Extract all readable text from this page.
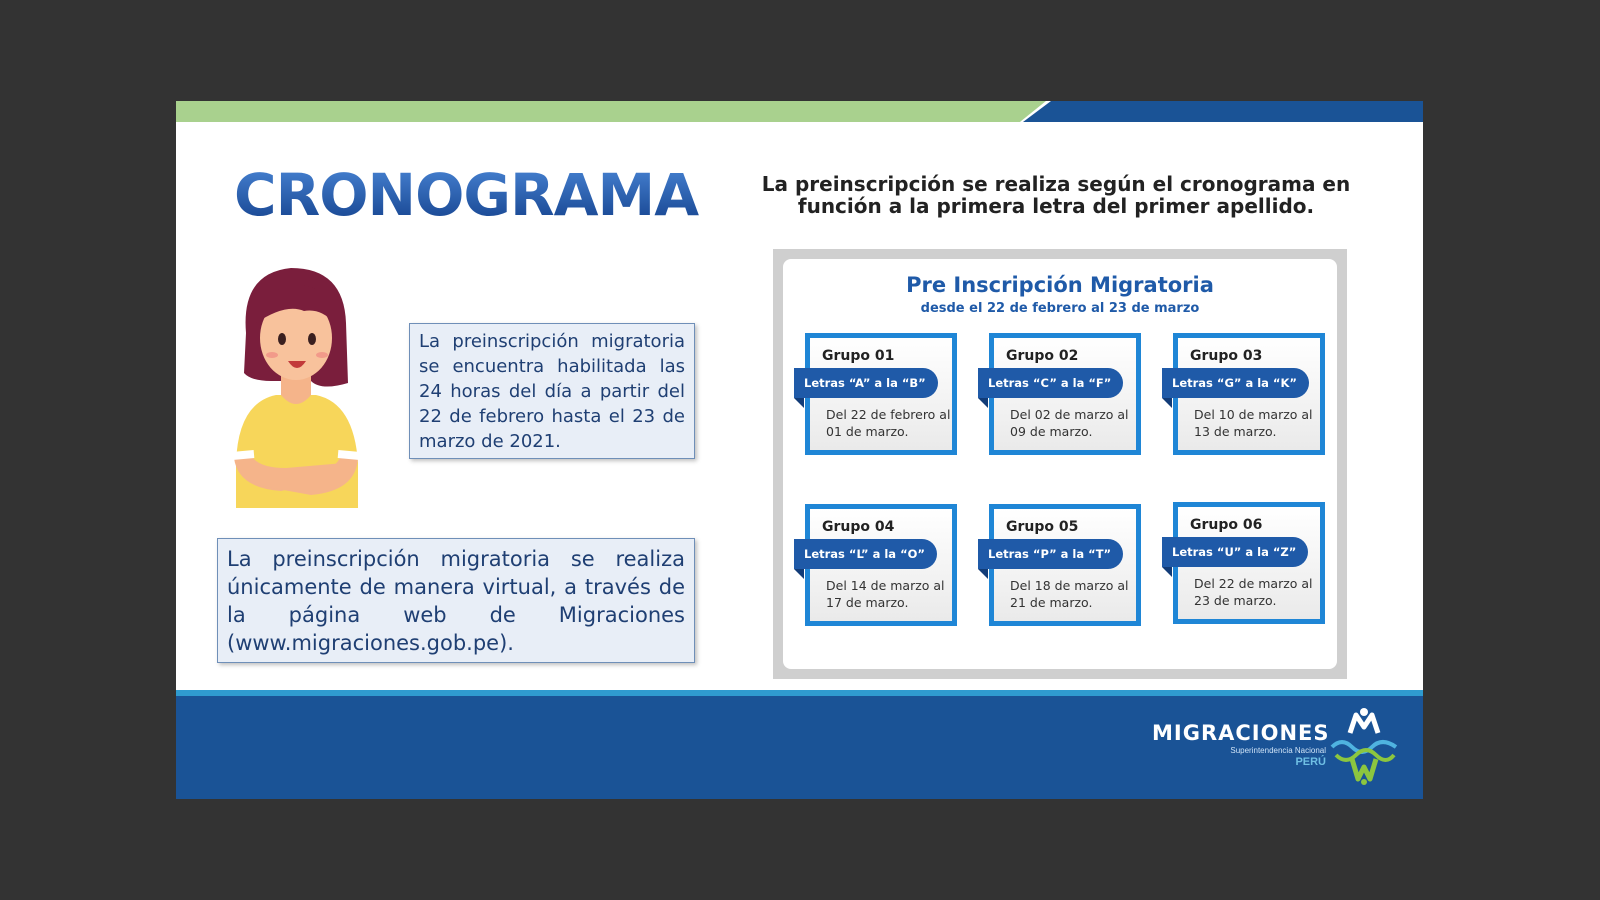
CRONOGRAMA
La preinscripción migratoria se encuentra habilitada las 24 horas del día a partir del 22 de febrero hasta el 23 de marzo de 2021.
La preinscripción migratoria se realiza únicamente de manera virtual, a través de la página web de Migraciones (www.migraciones.gob.pe).
La preinscripción se realiza según el cronograma en función a la primera letra del primer apellido.
Pre Inscripción Migratoria
desde el 22 de febrero al 23 de marzo
Grupo 01
Letras “A” a la “B”
Del 22 de febrero al 01 de marzo.
Grupo 02
Letras “C” a la “F”
Del 02 de marzo al 09 de marzo.
Grupo 03
Letras “G” a la “K”
Del 10 de marzo al 13 de marzo.
Grupo 04
Letras “L” a la “O”
Del 14 de marzo al 17 de marzo.
Grupo 05
Letras “P” a la “T”
Del 18 de marzo al 21 de marzo.
Grupo 06
Letras “U” a la “Z”
Del 22 de marzo al 23 de marzo.
MIGRACIONES
Superintendencia Nacional
PERÚ
